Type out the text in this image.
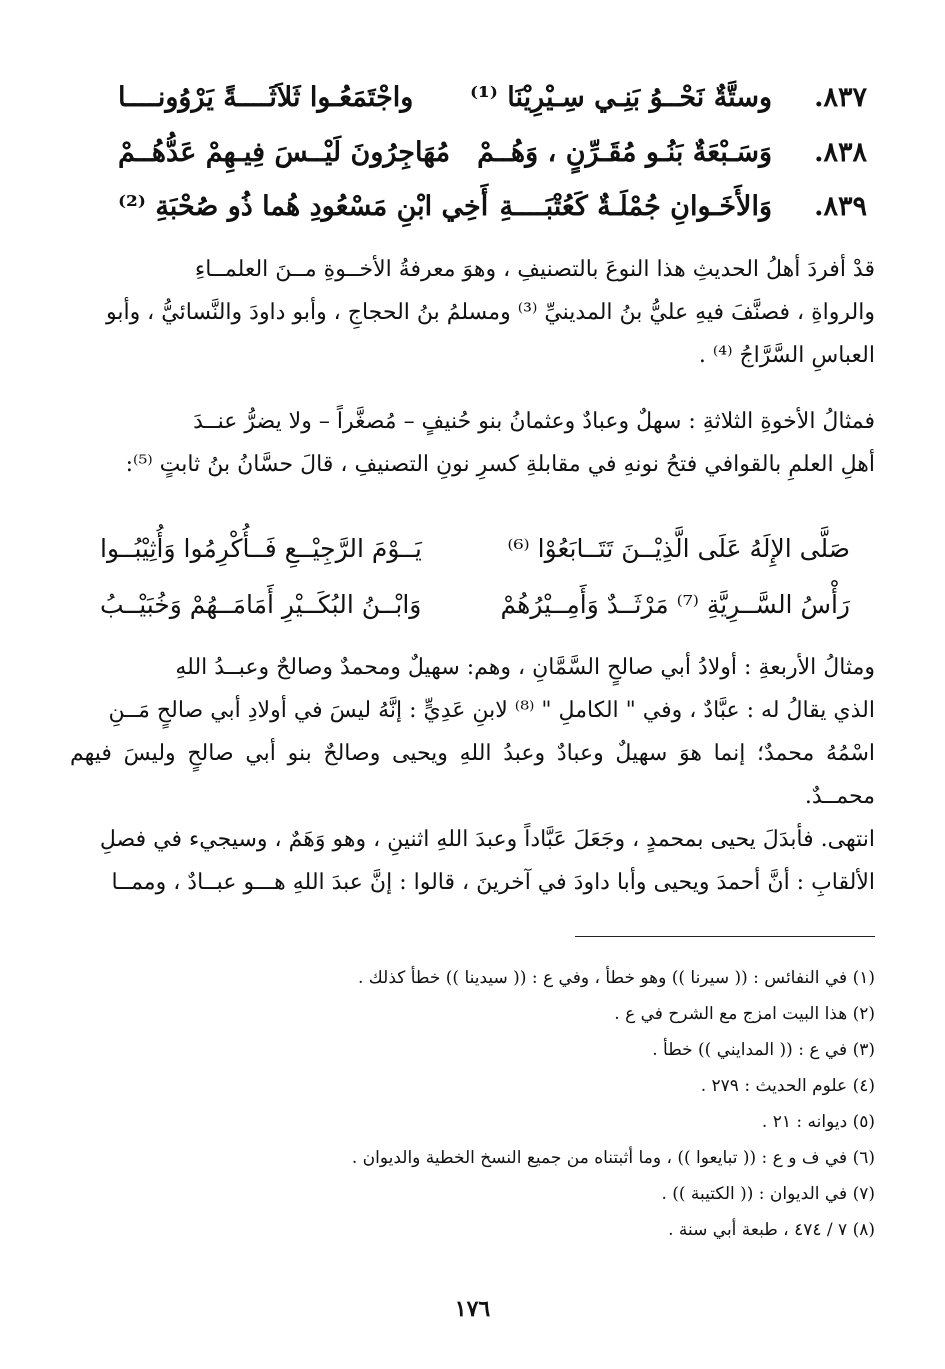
٨٣٧.
وستَّةٌ نَحْــوُ بَنِـي سِـيْرِيْنَا ⁽¹⁾
واجْتَمَعُـوا ثَلاَثَــــةً يَرْوُونــــا
٨٣٨.
وَسَـبْعَةٌ بَنُـو مُقَـرِّنٍ ، وَهُــمْ
مُهَاجِرُونَ لَيْــسَ فِيـهِمْ عَدُّهُــمْ
٨٣٩.
وَالأَخَـوانِ جُمْلَـةٌ كَعُتْبَــــةِ
أَخِي ابْنِ مَسْعُودِ هُما ذُو صُحْبَةِ ⁽²⁾

قدْ أفردَ أهلُ الحديثِ هذا النوعَ بالتصنيفِ ، وهوَ معرفةُ الأخــوةِ مــنَ العلمــاءِ

والرواةِ ، فصنَّفَ فيهِ عليُّ بنُ المدينيِّ ⁽³⁾ ومسلمُ بنُ الحجاجِ ، وأبو داودَ والنَّسائيُّ ، وأبو

العباسِ السَّرَّاجُ ⁽⁴⁾ .

فمثالُ الأخوةِ الثلاثةِ : سهلٌ وعبادٌ وعثمانُ بنو حُنيفٍ – مُصغَّراً – ولا يضرُّ عنــدَ

أهلِ العلمِ بالقوافي فتحُ نونهِ في مقابلةِ كسرِ نونِ التصنيفِ ، قالَ حسَّانُ بنُ ثابتٍ ⁽⁵⁾:

صَلَّى الإِلَهُ عَلَى الَّذِيْــنَ تَتَــابَعُوْا ⁽⁶⁾
يَــوْمَ الرَّجِيْــعِ فَــأُكْرِمُوا وَأُثِيْبُــوا
رَأْسُ السَّــرِيَّةِ ⁽⁷⁾ مَرْثَــدٌ وَأَمِــيْرُهُمْ
وَابْــنُ البُكَــيْرِ أَمَامَــهُمْ وَخُبَيْــبُ

ومثالُ الأربعةِ : أولادُ أبي صالحٍ السَّمَّانِ ، وهم: سهيلٌ ومحمدٌ وصالحٌ وعبــدُ اللهِ

الذي يقالُ له : عبَّادٌ ، وفي " الكاملِ " ⁽⁸⁾ لابنِ عَدِيٍّ : إنَّهُ ليسَ في أولادِ أبي صالحٍ مَــنِ

اسْمُهُ محمدٌ؛ إنما هوَ سهيلٌ وعبادٌ وعبدُ اللهِ ويحيى وصالحٌ بنو أبي صالحٍ وليسَ فيهم محمــدٌ.

انتهى. فأبدَلَ يحيى بمحمدٍ ، وجَعَلَ عَبَّاداً وعبدَ اللهِ اثنينِ ، وهو وَهَمٌ ، وسيجيء في فصلِ

الألقابِ : أنَّ أحمدَ ويحيى وأبا داودَ في آخرينَ ، قالوا : إنَّ عبدَ اللهِ هـــو عبــادٌ ، وممــا

(١) في النفائس : (( سيرنا )) وهو خطأ ، وفي ع : (( سيدينا )) خطأ كذلك .
(٢) هذا البيت امزج مع الشرح في ع .
(٣) في ع : (( المدايني )) خطأ .
(٤) علوم الحديث : ٢٧٩ .
(٥) ديوانه : ٢١ .
(٦) في ف و ع : (( تبايعوا )) ، وما أثبتناه من جميع النسخ الخطية والديوان .
(٧) في الديوان : (( الكتيبة )) .
(٨) ٧ / ٤٧٤ ، طبعة أبي سنة .
١٧٦
